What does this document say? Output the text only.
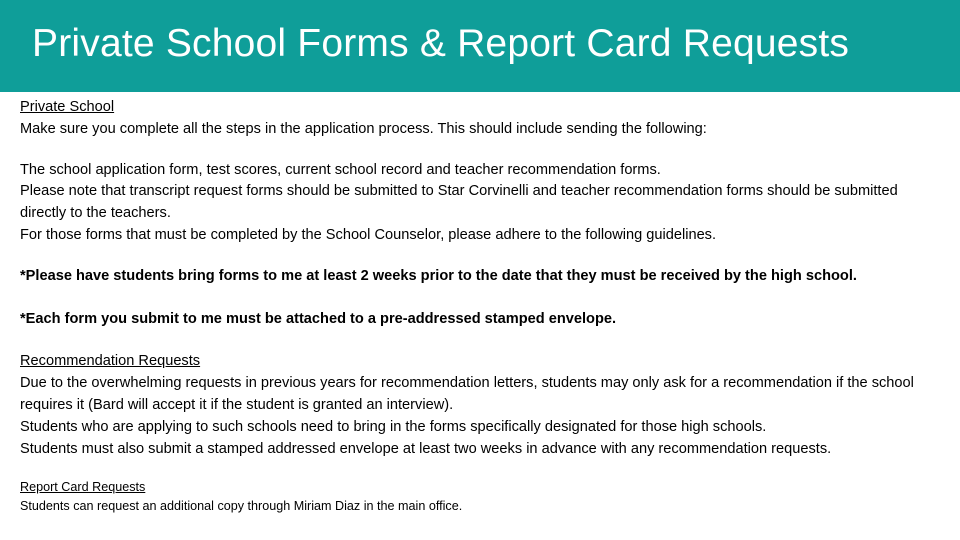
Private School Forms & Report Card Requests

Private School

Make sure you complete all the steps in the application process. This should include sending the following:

The school application form, test scores, current school record and teacher recommendation forms.

Please note that transcript request forms should be submitted to Star Corvinelli and teacher recommendation forms should be submitted directly to the teachers.

For those forms that must be completed by the School Counselor, please adhere to the following guidelines.

*Please have students bring forms to me at least 2 weeks prior to the date that they must be received by the high school.

*Each form you submit to me must be attached to a pre-addressed stamped envelope.

Recommendation Requests

Due to the overwhelming requests in previous years for recommendation letters, students may only ask for a recommendation if the school requires it (Bard will accept it if the student is granted an interview).

Students who are applying to such schools need to bring in the forms specifically designated for those high schools.

Students must also submit a stamped addressed envelope at least two weeks in advance with any recommendation requests.

Report Card Requests

Students can request an additional copy through Miriam Diaz in the main office.
